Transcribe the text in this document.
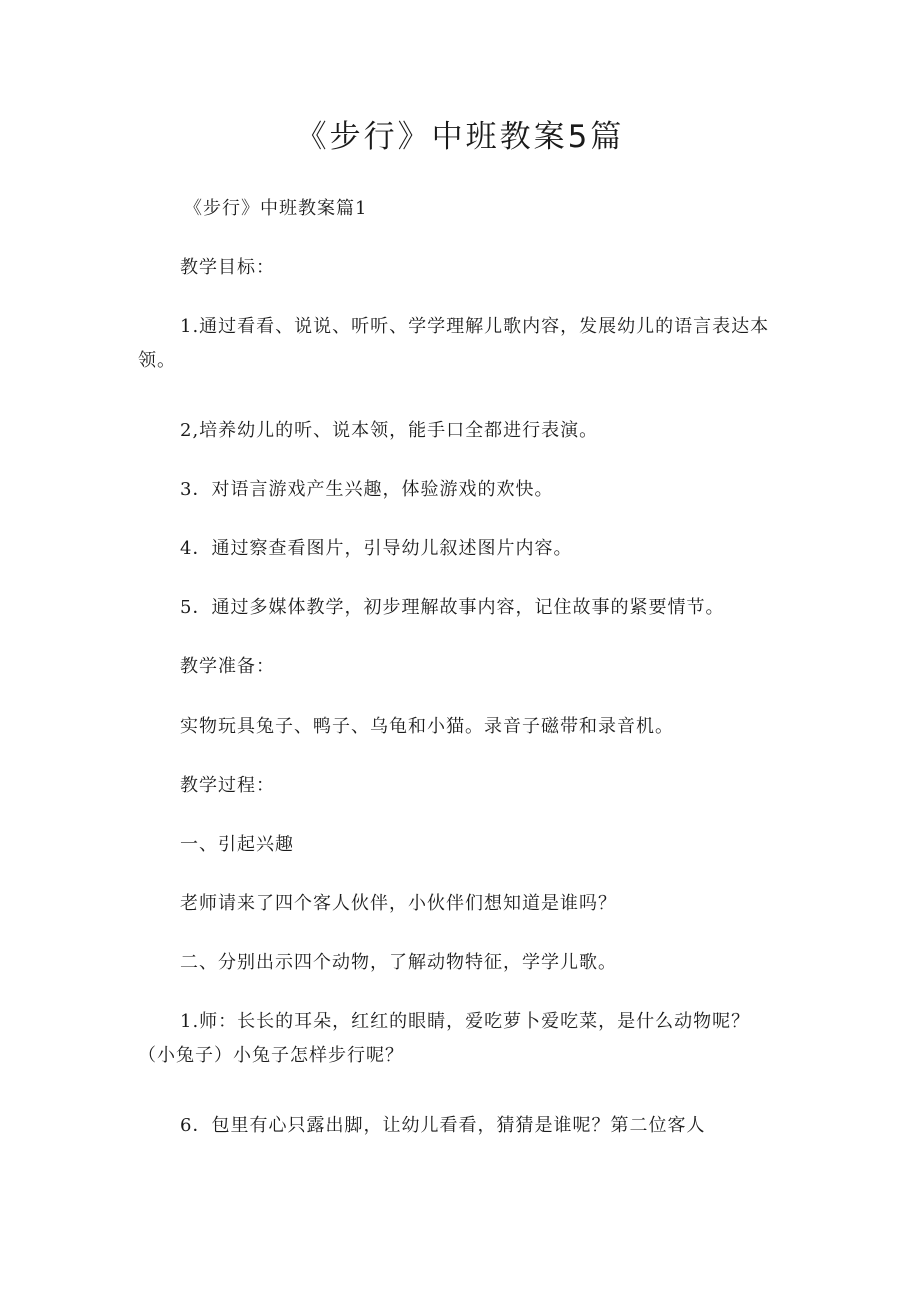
《步行》中班教案5篇

《步行》中班教案篇1

教学目标：

1.通过看看、说说、听听、学学理解儿歌内容，发展幼儿的语言表达本领。

2,培养幼儿的听、说本领，能手口全都进行表演。

3．对语言游戏产生兴趣，体验游戏的欢快。

4．通过察查看图片，引导幼儿叙述图片内容。

5．通过多媒体教学，初步理解故事内容，记住故事的紧要情节。

教学准备：

实物玩具兔子、鸭子、乌龟和小猫。录音子磁带和录音机。

教学过程：

一、引起兴趣

老师请来了四个客人伙伴，小伙伴们想知道是谁吗？

二、分别出示四个动物，了解动物特征，学学儿歌。

1.师：长长的耳朵，红红的眼睛，爱吃萝卜爱吃菜，是什么动物呢？（小兔子）小兔子怎样步行呢？

6．包里有心只露出脚，让幼儿看看，猜猜是谁呢？第二位客人
